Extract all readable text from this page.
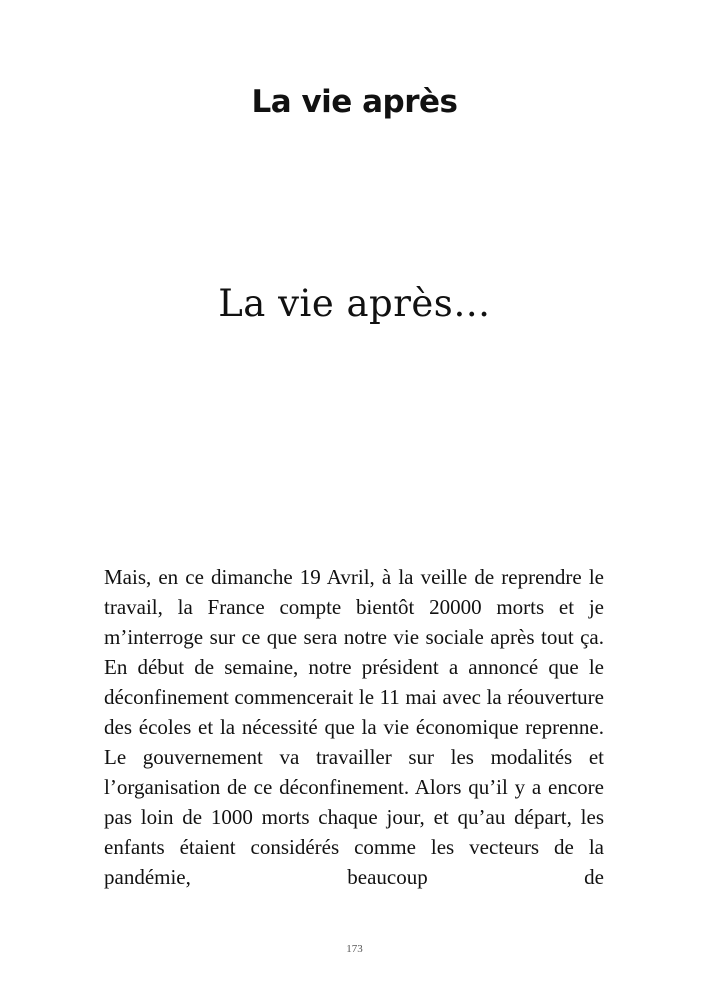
La vie après
La vie après…

Mais, en ce dimanche 19 Avril, à la veille de reprendre le travail, la France compte bientôt 20000 morts et je m’interroge sur ce que sera notre vie sociale après tout ça. En début de semaine, notre président a annoncé que le déconfinement commencerait le 11 mai avec la réouverture des écoles et la nécessité que la vie économique reprenne. Le gouvernement va travailler sur les modalités et l’organisation de ce déconfinement. Alors qu’il y a encore pas loin de 1000 morts chaque jour, et qu’au départ, les enfants étaient considérés comme les vecteurs de la pandémie, beaucoup de

173
